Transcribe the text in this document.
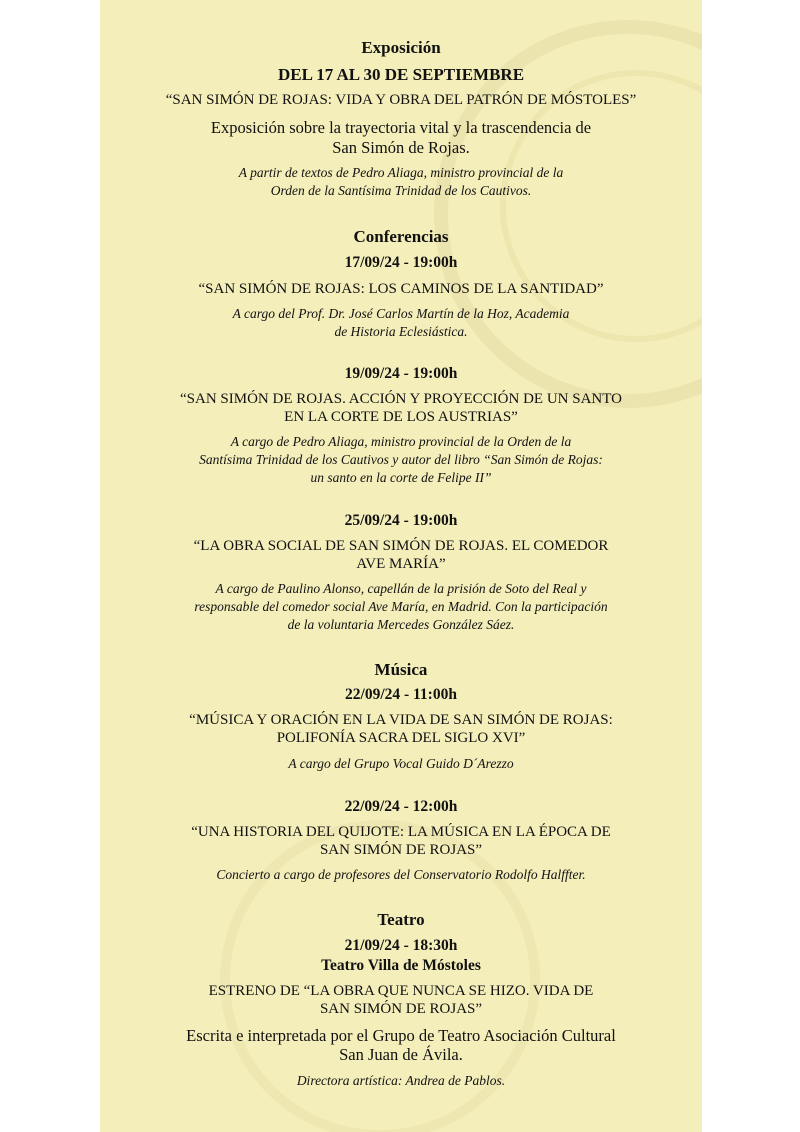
Exposición
DEL 17 AL 30 DE SEPTIEMBRE
“SAN SIMÓN DE ROJAS: VIDA Y OBRA DEL PATRÓN DE MÓSTOLES”
Exposición sobre la trayectoria vital y la trascendencia de
San Simón de Rojas.
A partir de textos de Pedro Aliaga, ministro provincial de la
Orden de la Santísima Trinidad de los Cautivos.
Conferencias
17/09/24 - 19:00h
“SAN SIMÓN DE ROJAS: LOS CAMINOS DE LA SANTIDAD”
A cargo del Prof. Dr. José Carlos Martín de la Hoz, Academia
de Historia Eclesiástica.
19/09/24 - 19:00h
“SAN SIMÓN DE ROJAS. ACCIÓN Y PROYECCIÓN DE UN SANTO
EN LA CORTE DE LOS AUSTRIAS”
A cargo de Pedro Aliaga, ministro provincial de la Orden de la
Santísima Trinidad de los Cautivos y autor del libro “San Simón de Rojas:
un santo en la corte de Felipe II”
25/09/24 - 19:00h
“LA OBRA SOCIAL DE SAN SIMÓN DE ROJAS. EL COMEDOR
AVE MARÍA”
A cargo de Paulino Alonso, capellán de la prisión de Soto del Real y
responsable del comedor social Ave María, en Madrid. Con la participación
de la voluntaria Mercedes González Sáez.
Música
22/09/24 - 11:00h
“MÚSICA Y ORACIÓN EN LA VIDA DE SAN SIMÓN DE ROJAS:
POLIFONÍA SACRA DEL SIGLO XVI”
A cargo del Grupo Vocal Guido D´Arezzo
22/09/24 - 12:00h
“UNA HISTORIA DEL QUIJOTE: LA MÚSICA EN LA ÉPOCA DE
SAN SIMÓN DE ROJAS”
Concierto a cargo de profesores del Conservatorio Rodolfo Halffter.
Teatro
21/09/24 - 18:30h
Teatro Villa de Móstoles
ESTRENO DE “LA OBRA QUE NUNCA SE HIZO. VIDA DE
SAN SIMÓN DE ROJAS”
Escrita e interpretada por el Grupo de Teatro Asociación Cultural
San Juan de Ávila.
Directora artística: Andrea de Pablos.
